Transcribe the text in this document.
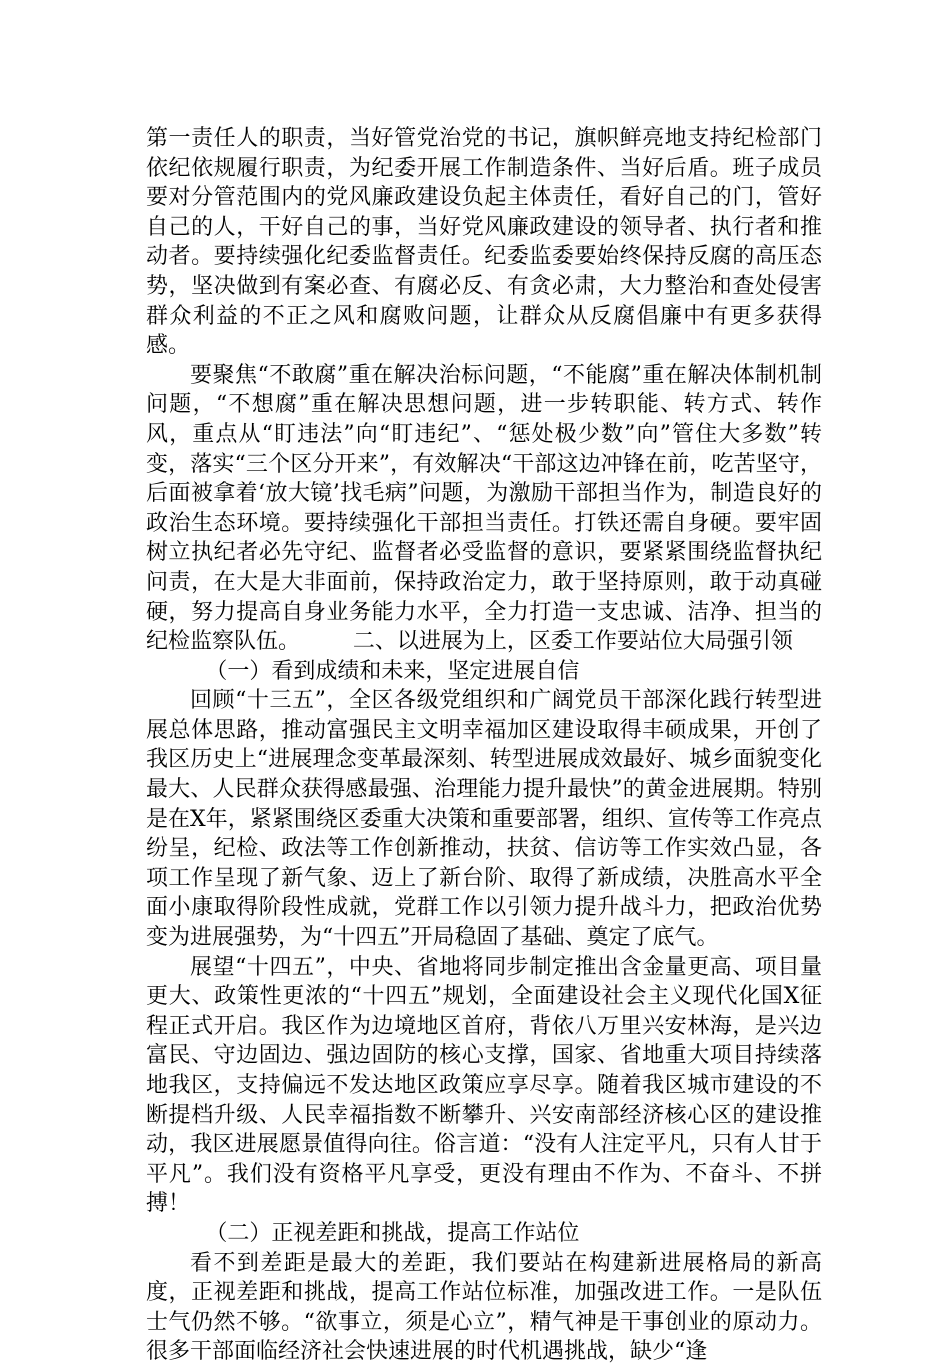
第一责任人的职责，当好管党治党的书记，旗帜鲜亮地支持纪检部门依纪依规履行职责，为纪委开展工作制造条件、当好后盾。班子成员要对分管范围内的党风廉政建设负起主体责任，看好自己的门，管好自己的人，干好自己的事，当好党风廉政建设的领导者、执行者和推动者。要持续强化纪委监督责任。纪委监委要始终保持反腐的高压态势，坚决做到有案必查、有腐必反、有贪必肃，大力整治和查处侵害群众利益的不正之风和腐败问题，让群众从反腐倡廉中有更多获得感。

要聚焦“不敢腐”重在解决治标问题，“不能腐”重在解决体制机制问题，“不想腐”重在解决思想问题，进一步转职能、转方式、转作风，重点从“盯违法”向“盯违纪”、“惩处极少数”向”管住大多数”转变，落实“三个区分开来”，有效解决“干部这边冲锋在前，吃苦坚守，后面被拿着‘放大镜’找毛病”问题，为激励干部担当作为，制造良好的政治生态环境。要持续强化干部担当责任。打铁还需自身硬。要牢固树立执纪者必先守纪、监督者必受监督的意识，要紧紧围绕监督执纪问责，在大是大非面前，保持政治定力，敢于坚持原则，敢于动真碰硬，努力提高自身业务能力水平，全力打造一支忠诚、洁净、担当的纪检监察队伍。 二、以进展为上，区委工作要站位大局强引领

（一）看到成绩和未来，坚定进展自信

回顾“十三五”，全区各级党组织和广阔党员干部深化践行转型进展总体思路，推动富强民主文明幸福加区建设取得丰硕成果，开创了我区历史上“进展理念变革最深刻、转型进展成效最好、城乡面貌变化最大、人民群众获得感最强、治理能力提升最快”的黄金进展期。特别是在X年，紧紧围绕区委重大决策和重要部署，组织、宣传等工作亮点纷呈，纪检、政法等工作创新推动，扶贫、信访等工作实效凸显，各项工作呈现了新气象、迈上了新台阶、取得了新成绩，决胜高水平全面小康取得阶段性成就，党群工作以引领力提升战斗力，把政治优势变为进展强势，为“十四五”开局稳固了基础、奠定了底气。

展望“十四五”，中央、省地将同步制定推出含金量更高、项目量更大、政策性更浓的“十四五”规划，全面建设社会主义现代化国X征程正式开启。我区作为边境地区首府，背依八万里兴安林海，是兴边富民、守边固边、强边固防的核心支撑，国家、省地重大项目持续落地我区，支持偏远不发达地区政策应享尽享。随着我区城市建设的不断提档升级、人民幸福指数不断攀升、兴安南部经济核心区的建设推动，我区进展愿景值得向往。俗言道：“没有人注定平凡，只有人甘于平凡”。我们没有资格平凡享受，更没有理由不作为、不奋斗、不拼搏！

（二）正视差距和挑战，提高工作站位

看不到差距是最大的差距，我们要站在构建新进展格局的新高度，正视差距和挑战，提高工作站位标准，加强改进工作。一是队伍士气仍然不够。“欲事立，须是心立”，精气神是干事创业的原动力。很多干部面临经济社会快速进展的时代机遇挑战，缺少“逢
